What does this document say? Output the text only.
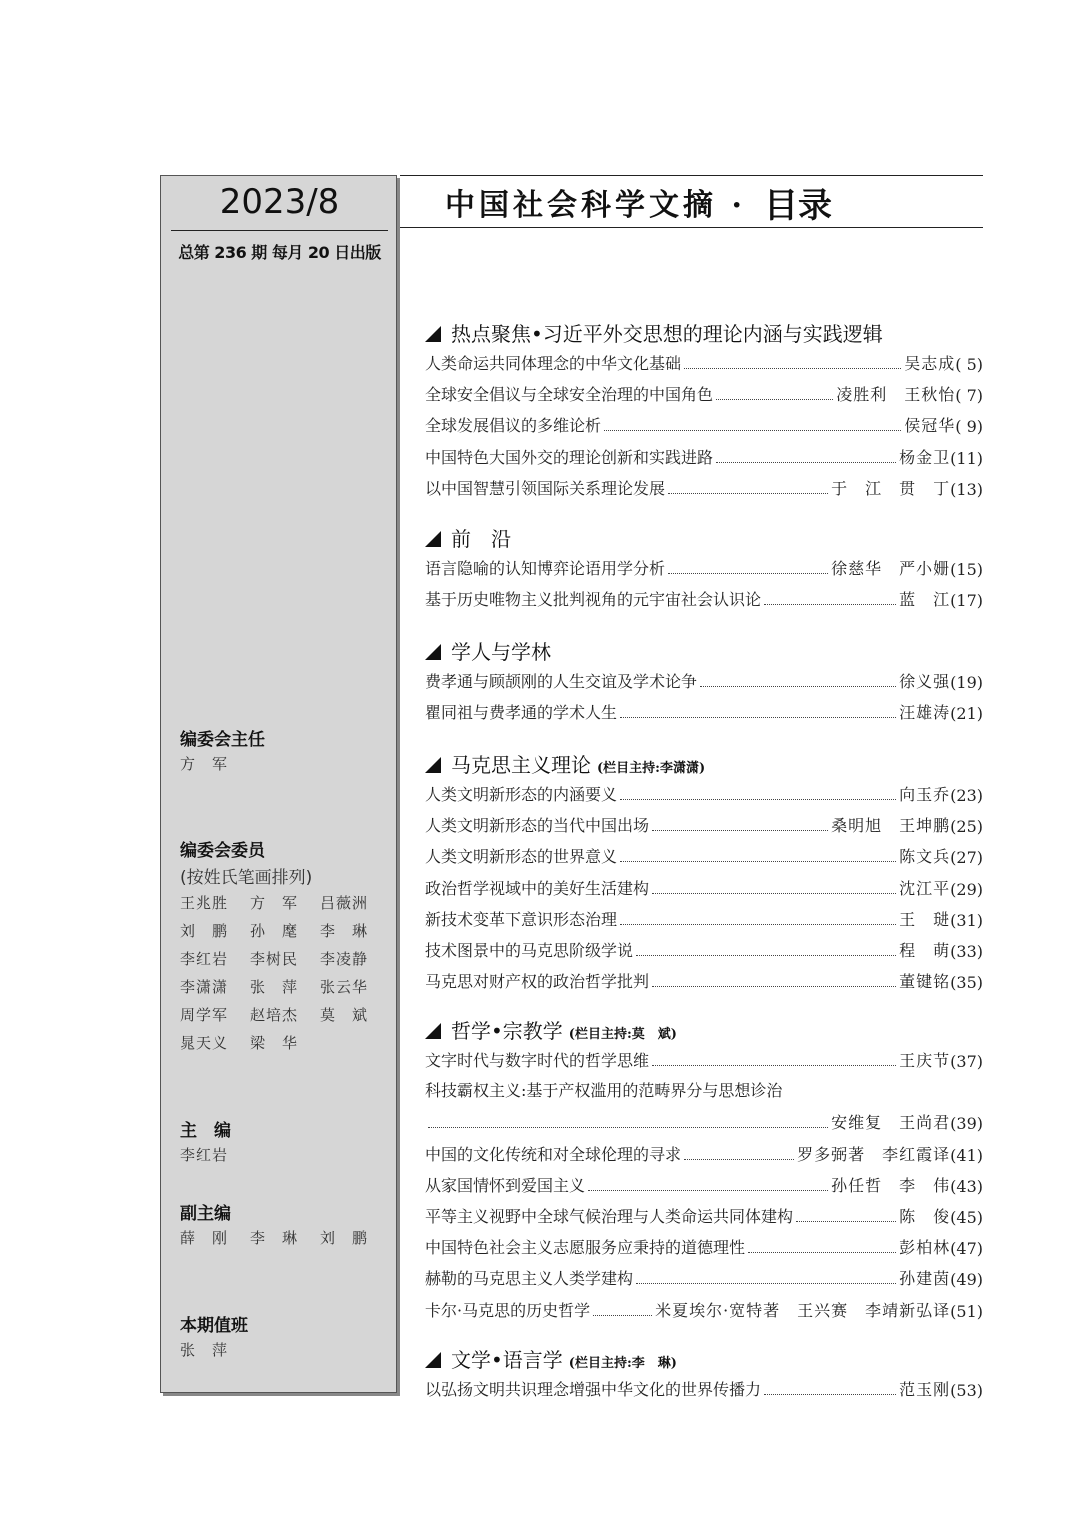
2023/8
总第 236 期 每月 20 日出版
编委会主任
方　军
编委会委员
(按姓氏笔画排列)
王兆胜	方　军	吕薇洲
刘　鹏	孙　麾	李　琳
李红岩	李树民	李凌静
李潇潇	张　萍	张云华
周学军	赵培杰	莫　斌
晁天义	梁　华
主　编
李红岩
副主编
薛　刚	李　琳	刘　鹏
本期值班
张　萍
中国社会科学文摘 · 目录
热点聚焦•习近平外交思想的理论内涵与实践逻辑
人类命运共同体理念的中华文化基础	吴志成 ( 5)
全球安全倡议与全球安全治理的中国角色	凌胜利　王秋怡 ( 7)
全球发展倡议的多维论析	侯冠华 ( 9)
中国特色大国外交的理论创新和实践进路	杨金卫 (11)
以中国智慧引领国际关系理论发展	于　江　贯　丁 (13)
前　沿
语言隐喻的认知博弈论语用学分析	徐慈华　严小姗 (15)
基于历史唯物主义批判视角的元宇宙社会认识论	蓝　江 (17)
学人与学林
费孝通与顾颉刚的人生交谊及学术论争	徐义强 (19)
瞿同祖与费孝通的学术人生	汪雄涛 (21)
马克思主义理论 (栏目主持:李潇潇)
人类文明新形态的内涵要义	向玉乔 (23)
人类文明新形态的当代中国出场	桑明旭　王坤鹏 (25)
人类文明新形态的世界意义	陈文兵 (27)
政治哲学视域中的美好生活建构	沈江平 (29)
新技术变革下意识形态治理	王　琎 (31)
技术图景中的马克思阶级学说	程　萌 (33)
马克思对财产权的政治哲学批判	董键铭 (35)
哲学•宗教学 (栏目主持:莫　斌)
文字时代与数字时代的哲学思维	王庆节 (37)
科技霸权主义:基于产权滥用的范畴界分与思想诊治
安维复　王尚君 (39)
中国的文化传统和对全球伦理的寻求	罗多弼著　李红霞译 (41)
从家国情怀到爱国主义	孙任哲　李　伟 (43)
平等主义视野中全球气候治理与人类命运共同体建构	陈　俊 (45)
中国特色社会主义志愿服务应秉持的道德理性	彭柏林 (47)
赫勒的马克思主义人类学建构	孙建茵 (49)
卡尔·马克思的历史哲学	米夏埃尔·宽特著　王兴赛　李靖新弘译 (51)
文学•语言学 (栏目主持:李　琳)
以弘扬文明共识理念增强中华文化的世界传播力	范玉刚 (53)
